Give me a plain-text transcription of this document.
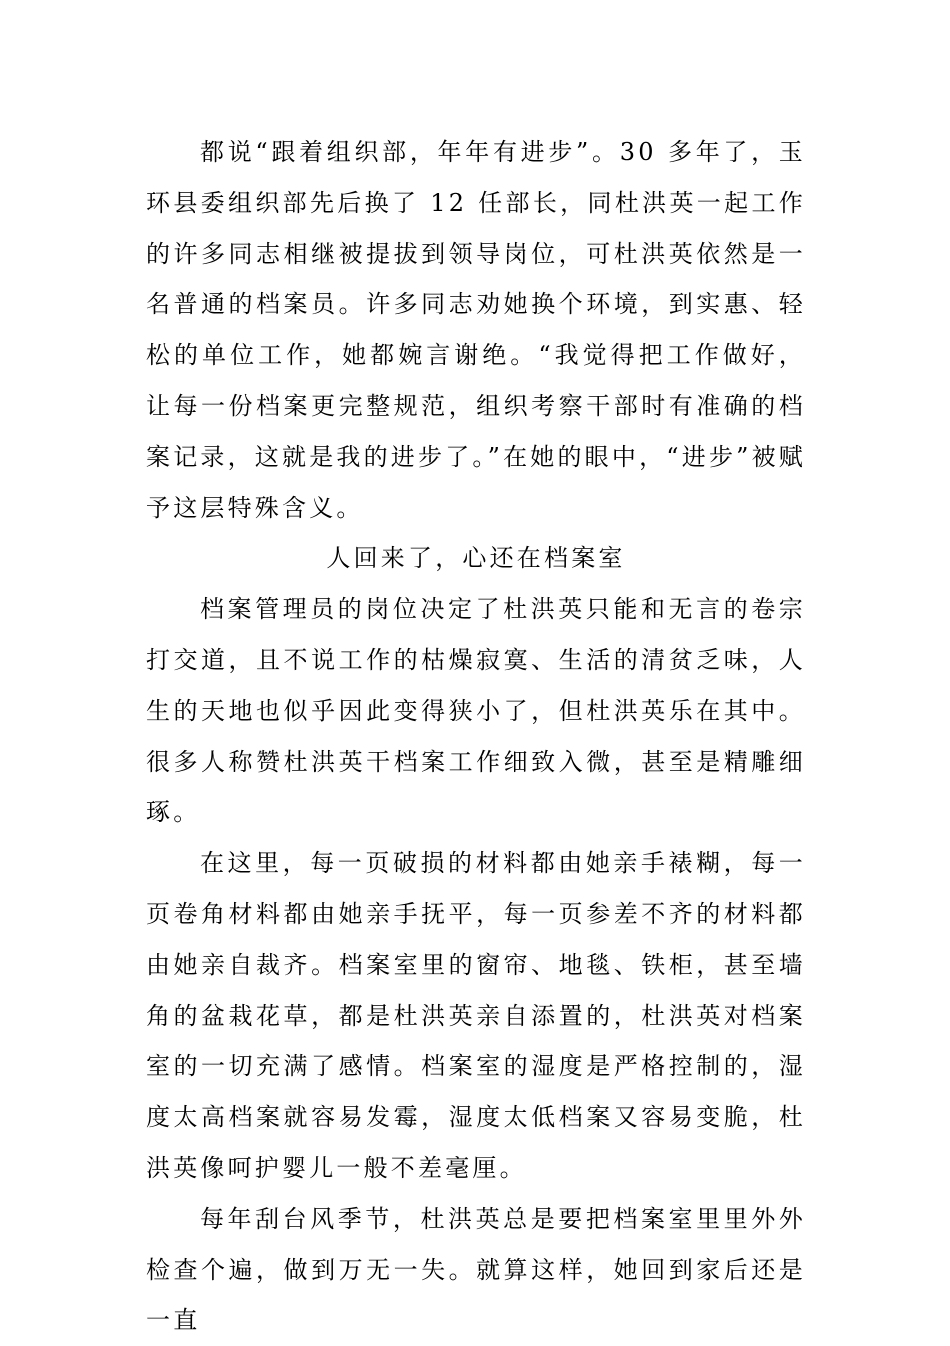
都说“跟着组织部，年年有进步”。30 多年了，玉环县委组织部先后换了 12 任部长，同杜洪英一起工作的许多同志相继被提拔到领导岗位，可杜洪英依然是一名普通的档案员。许多同志劝她换个环境，到实惠、轻松的单位工作，她都婉言谢绝。“我觉得把工作做好，让每一份档案更完整规范，组织考察干部时有准确的档案记录，这就是我的进步了。”在她的眼中，“进步”被赋予这层特殊含义。

人回来了，心还在档案室

档案管理员的岗位决定了杜洪英只能和无言的卷宗打交道，且不说工作的枯燥寂寞、生活的清贫乏味，人生的天地也似乎因此变得狭小了，但杜洪英乐在其中。很多人称赞杜洪英干档案工作细致入微，甚至是精雕细琢。

在这里，每一页破损的材料都由她亲手裱糊，每一页卷角材料都由她亲手抚平，每一页参差不齐的材料都由她亲自裁齐。档案室里的窗帘、地毯、铁柜，甚至墙角的盆栽花草，都是杜洪英亲自添置的，杜洪英对档案室的一切充满了感情。档案室的湿度是严格控制的，湿度太高档案就容易发霉，湿度太低档案又容易变脆，杜洪英像呵护婴儿一般不差毫厘。

每年刮台风季节，杜洪英总是要把档案室里里外外检查个遍，做到万无一失。就算这样，她回到家后还是一直
